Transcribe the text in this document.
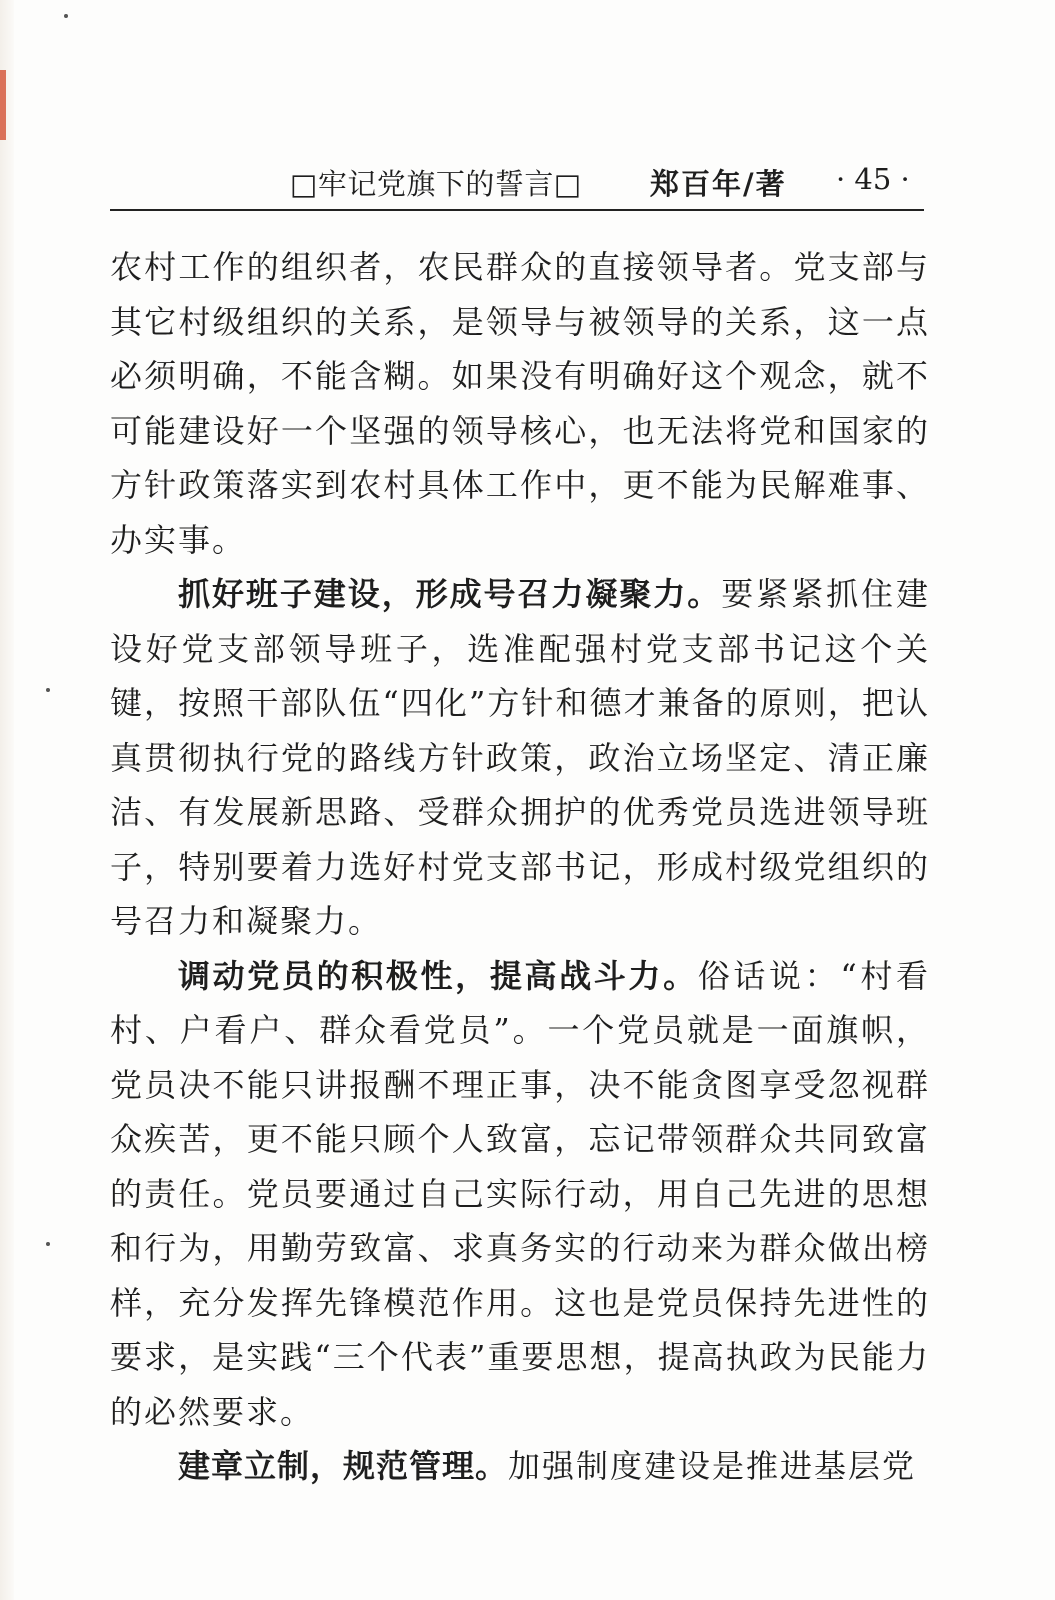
□牢记党旗下的誓言□ 郑百年/著 · 45 ·

农村工作的组织者，农民群众的直接领导者。党支部与其它村级组织的关系，是领导与被领导的关系，这一点必须明确，不能含糊。如果没有明确好这个观念，就不可能建设好一个坚强的领导核心，也无法将党和国家的方针政策落实到农村具体工作中，更不能为民解难事、办实事。

抓好班子建设，形成号召力凝聚力。要紧紧抓住建设好党支部领导班子，选准配强村党支部书记这个关键，按照干部队伍“四化”方针和德才兼备的原则，把认真贯彻执行党的路线方针政策，政治立场坚定、清正廉洁、有发展新思路、受群众拥护的优秀党员选进领导班子，特别要着力选好村党支部书记，形成村级党组织的号召力和凝聚力。

调动党员的积极性，提高战斗力。俗话说：“村看村、户看户、群众看党员”。一个党员就是一面旗帜，党员决不能只讲报酬不理正事，决不能贪图享受忽视群众疾苦，更不能只顾个人致富，忘记带领群众共同致富的责任。党员要通过自己实际行动，用自己先进的思想和行为，用勤劳致富、求真务实的行动来为群众做出榜样，充分发挥先锋模范作用。这也是党员保持先进性的要求，是实践“三个代表”重要思想，提高执政为民能力的必然要求。

建章立制，规范管理。加强制度建设是推进基层党
